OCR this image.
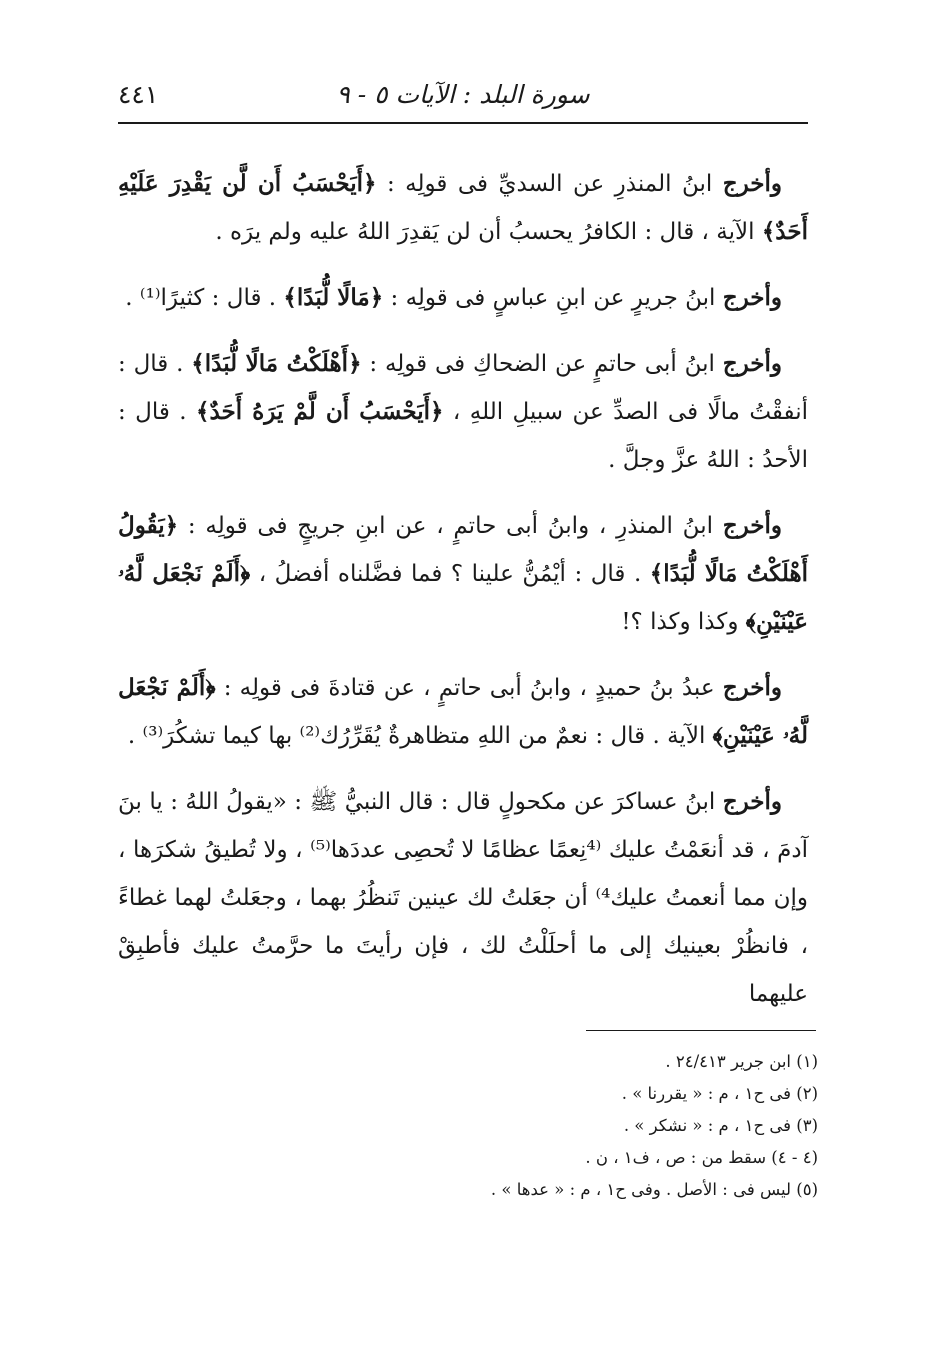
سورة البلد : الآيات ٥ - ٩
٤٤١

وأخرج ابنُ المنذرِ عن السديِّ فى قولِه : ﴿أَيَحْسَبُ أَن لَّن يَقْدِرَ عَلَيْهِ أَحَدٌ﴾ الآية ، قال : الكافرُ يحسبُ أن لن يَقدِرَ اللهُ عليه ولم يرَه .

وأخرج ابنُ جريرٍ عن ابنِ عباسٍ فى قولِه : ﴿مَالًا لُّبَدًا﴾ . قال : كثيرًا⁽¹⁾ .

وأخرج ابنُ أبى حاتمٍ عن الضحاكِ فى قولِه : ﴿أَهْلَكْتُ مَالًا لُّبَدًا﴾ . قال : أنفقْتُ مالًا فى الصدِّ عن سبيلِ اللهِ ، ﴿أَيَحْسَبُ أَن لَّمْ يَرَهُ أَحَدٌ﴾ . قال : الأحدُ : اللهُ عزَّ وجلَّ .

وأخرج ابنُ المنذرِ ، وابنُ أبى حاتمٍ ، عن ابنِ جريجٍ فى قولِه : ﴿يَقُولُ أَهْلَكْتُ مَالًا لُّبَدًا﴾ . قال : أيْمُنُّ علينا ؟ فما فضَّلناه أفضلُ ، ﴿أَلَمْ نَجْعَل لَّهُۥ عَيْنَيْنِ﴾ وكذا وكذا ؟!

وأخرج عبدُ بنُ حميدٍ ، وابنُ أبى حاتمٍ ، عن قتادةَ فى قولِه : ﴿أَلَمْ نَجْعَل لَّهُۥ عَيْنَيْنِ﴾ الآية . قال : نعمٌ من اللهِ متظاهرةٌ يُقَرِّرُك⁽²⁾ بها كيما تشكُرَ⁽³⁾ .

وأخرج ابنُ عساكرَ عن مكحولٍ قال : قال النبيُّ ﷺ : «يقولُ اللهُ : يا بنَ آدمَ ، قد أنعَمْتُ عليك ⁽⁴نِعمًا عظامًا لا تُحصِى عددَها⁽⁵⁾ ، ولا تُطيقُ شكرَها ، وإن مما أنعمتُ عليك⁴⁾ أن جعَلتُ لك عينين تَنظُرُ بهما ، وجعَلتُ لهما غطاءً ، فانظُرْ بعينيك إلى ما أحلَلْتُ لك ، فإن رأيتَ ما حرَّمتُ عليك فأطبِقْ عليهما

(١) ابن جرير ٢٤/٤١٣ .
(٢) فى ح١ ، م : « يقررنا » .
(٣) فى ح١ ، م : « نشكر » .
(٤ - ٤) سقط من : ص ، ف١ ، ن .
(٥) ليس فى : الأصل . وفى ح١ ، م : « عدها » .
